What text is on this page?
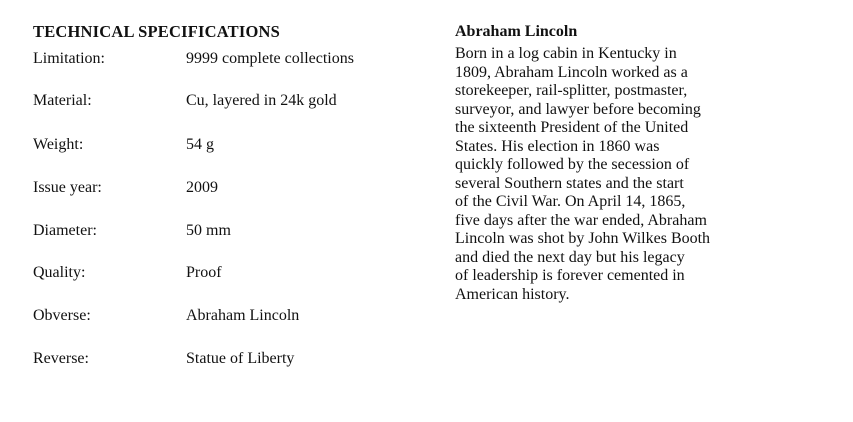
TECHNICAL SPECIFICATIONS
Limitation:	9999 complete collections
Material:	Cu, layered in 24k gold
Weight:	54 g
Issue year:	2009
Diameter:	50 mm
Quality:	Proof
Obverse:	Abraham Lincoln
Reverse:	Statue of Liberty
Abraham Lincoln
Born in a log cabin in Kentucky in
1809, Abraham Lincoln worked as a
storekeeper, rail-splitter, postmaster,
surveyor, and lawyer before becoming
the sixteenth President of the United
States. His election in 1860 was
quickly followed by the secession of
several Southern states and the start
of the Civil War. On April 14, 1865,
five days after the war ended, Abraham
Lincoln was shot by John Wilkes Booth
and died the next day but his legacy
of leadership is forever cemented in
American history.
